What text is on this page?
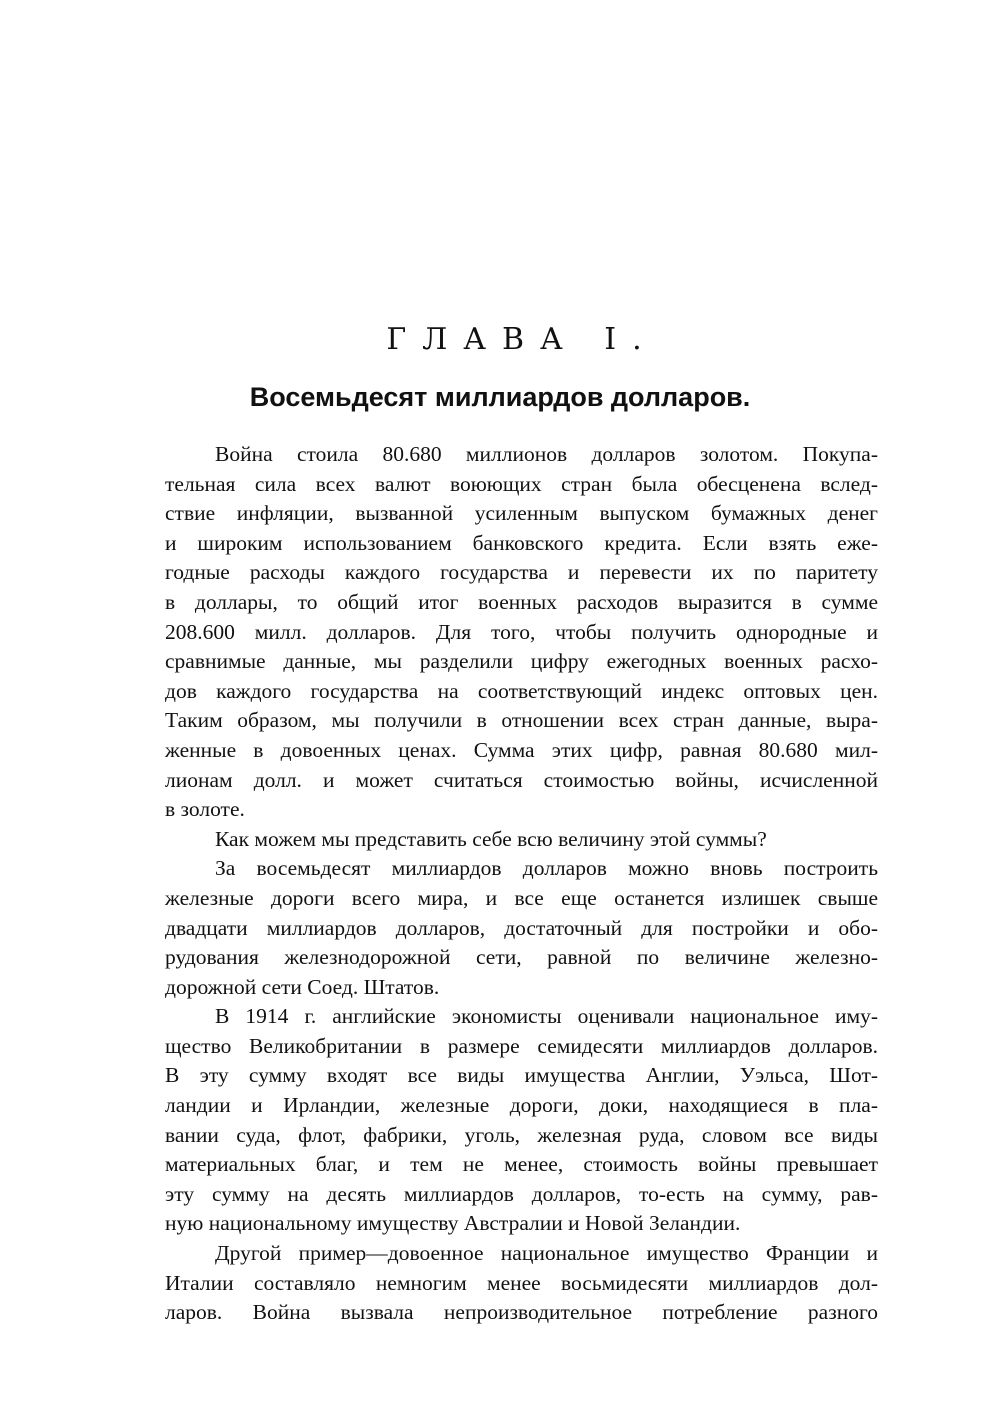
ГЛАВА I.
Восемьдесят миллиардов долларов.
Война стоила 80.680 миллионов долларов золотом. Покупа-
тельная сила всех валют воюющих стран была обесценена вслед-
ствие инфляции, вызванной усиленным выпуском бумажных денег
и широким использованием банковского кредита. Если взять еже-
годные расходы каждого государства и перевести их по паритету
в доллары, то общий итог военных расходов выразится в сумме
208.600 милл. долларов. Для того, чтобы получить однородные и
сравнимые данные, мы разделили цифру ежегодных военных расхо-
дов каждого государства на соответствующий индекс оптовых цен.
Таким образом, мы получили в отношении всех стран данные, выра-
женные в довоенных ценах. Сумма этих цифр, равная 80.680 мил-
лионам долл. и может считаться стоимостью войны, исчисленной
в золоте.
Как можем мы представить себе всю величину этой суммы?
За восемьдесят миллиардов долларов можно вновь построить
железные дороги всего мира, и все еще останется излишек свыше
двадцати миллиардов долларов, достаточный для постройки и обо-
рудования железнодорожной сети, равной по величине железно-
дорожной сети Соед. Штатов.
В 1914 г. английские экономисты оценивали национальное иму-
щество Великобритании в размере семидесяти миллиардов долларов.
В эту сумму входят все виды имущества Англии, Уэльса, Шот-
ландии и Ирландии, железные дороги, доки, находящиеся в пла-
вании суда, флот, фабрики, уголь, железная руда, словом все виды
материальных благ, и тем не менее, стоимость войны превышает
эту сумму на десять миллиардов долларов, то-есть на сумму, рав-
ную национальному имуществу Австралии и Новой Зеландии.
Другой пример—довоенное национальное имущество Франции и
Италии составляло немногим менее восьмидесяти миллиардов дол-
ларов. Война вызвала непроизводительное потребление разного
